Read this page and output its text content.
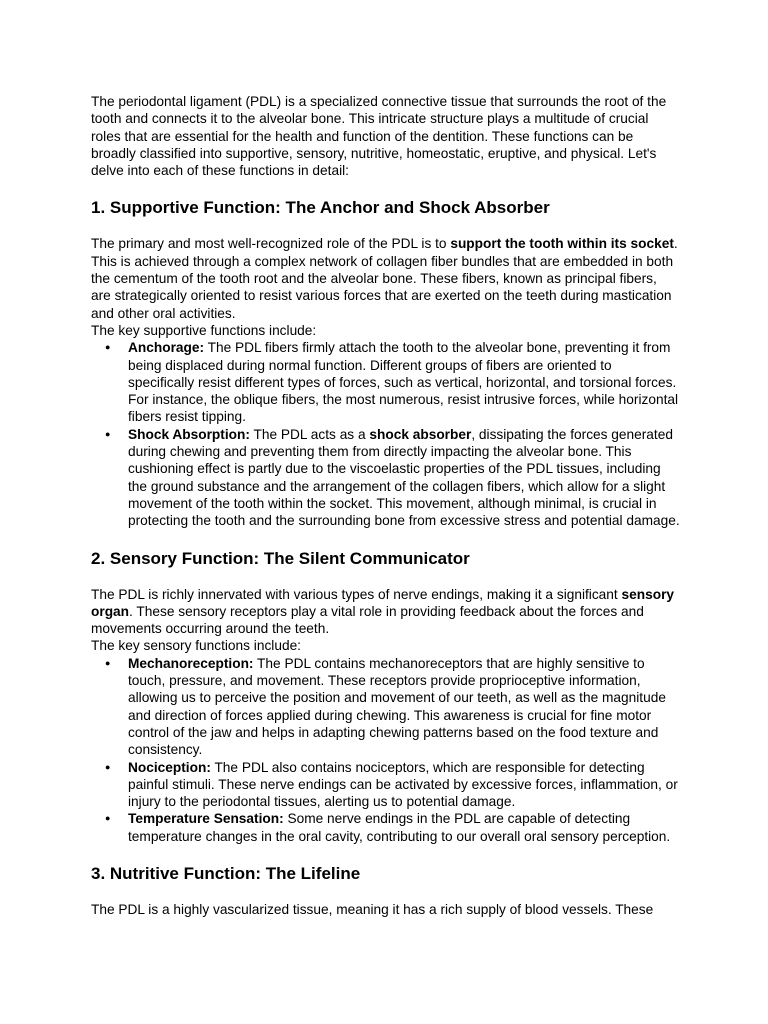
The periodontal ligament (PDL) is a specialized connective tissue that surrounds the root of the tooth and connects it to the alveolar bone. This intricate structure plays a multitude of crucial roles that are essential for the health and function of the dentition. These functions can be broadly classified into supportive, sensory, nutritive, homeostatic, eruptive, and physical. Let's delve into each of these functions in detail:

1. Supportive Function: The Anchor and Shock Absorber

The primary and most well-recognized role of the PDL is to support the tooth within its socket. This is achieved through a complex network of collagen fiber bundles that are embedded in both the cementum of the tooth root and the alveolar bone. These fibers, known as principal fibers, are strategically oriented to resist various forces that are exerted on the teeth during mastication and other oral activities.

The key supportive functions include:

● Anchorage: The PDL fibers firmly attach the tooth to the alveolar bone, preventing it from being displaced during normal function. Different groups of fibers are oriented to specifically resist different types of forces, such as vertical, horizontal, and torsional forces. For instance, the oblique fibers, the most numerous, resist intrusive forces, while horizontal fibers resist tipping.
● Shock Absorption: The PDL acts as a shock absorber, dissipating the forces generated during chewing and preventing them from directly impacting the alveolar bone. This cushioning effect is partly due to the viscoelastic properties of the PDL tissues, including the ground substance and the arrangement of the collagen fibers, which allow for a slight movement of the tooth within the socket. This movement, although minimal, is crucial in protecting the tooth and the surrounding bone from excessive stress and potential damage.
2. Sensory Function: The Silent Communicator

The PDL is richly innervated with various types of nerve endings, making it a significant sensory organ. These sensory receptors play a vital role in providing feedback about the forces and movements occurring around the teeth.

The key sensory functions include:

● Mechanoreception: The PDL contains mechanoreceptors that are highly sensitive to touch, pressure, and movement. These receptors provide proprioceptive information, allowing us to perceive the position and movement of our teeth, as well as the magnitude and direction of forces applied during chewing. This awareness is crucial for fine motor control of the jaw and helps in adapting chewing patterns based on the food texture and consistency.
● Nociception: The PDL also contains nociceptors, which are responsible for detecting painful stimuli. These nerve endings can be activated by excessive forces, inflammation, or injury to the periodontal tissues, alerting us to potential damage.
● Temperature Sensation: Some nerve endings in the PDL are capable of detecting temperature changes in the oral cavity, contributing to our overall oral sensory perception.
3. Nutritive Function: The Lifeline

The PDL is a highly vascularized tissue, meaning it has a rich supply of blood vessels. These
